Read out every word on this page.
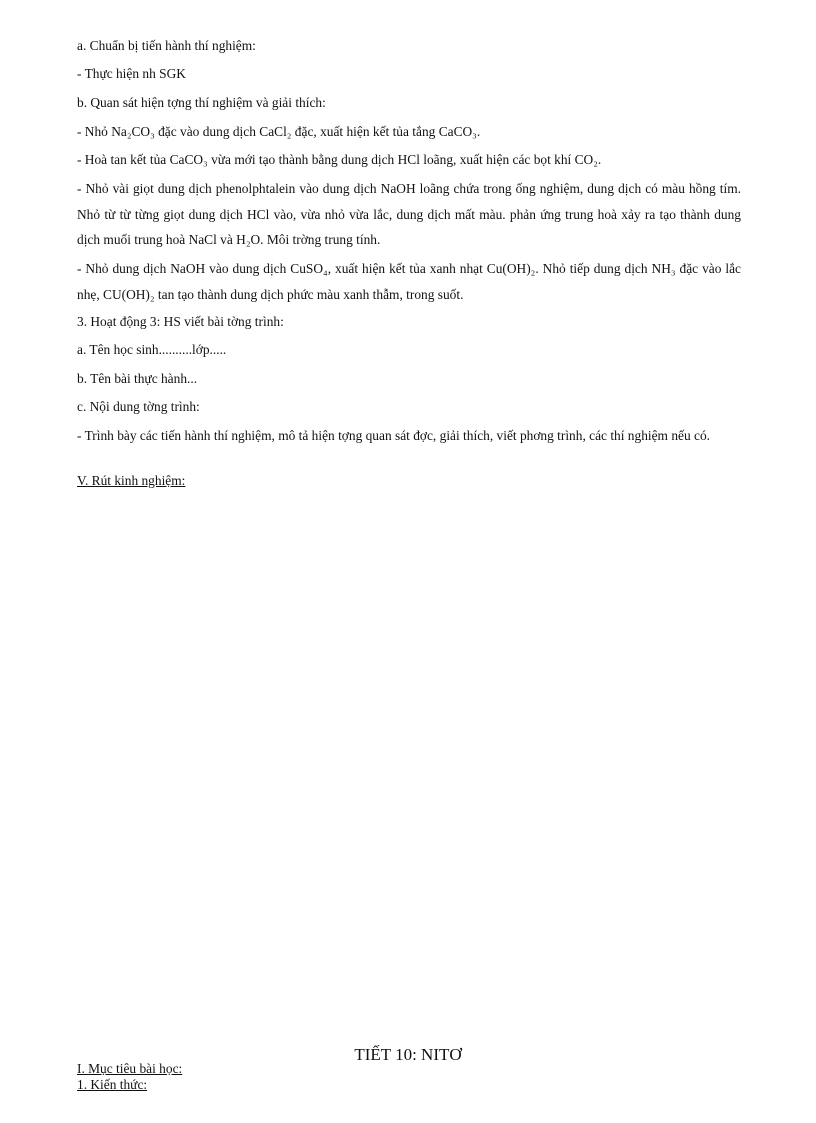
a. Chuẩn bị tiến hành thí nghiệm:
- Thực hiện nh SGK
b. Quan sát hiện tợng thí nghiệm và giải thích:
- Nhỏ Na₂CO₃ đặc vào dung dịch CaCl₂ đặc, xuất hiện kết tủa tắng CaCO₃.
- Hoà tan kết tủa CaCO₃ vừa mới tạo thành bằng dung dịch HCl loãng, xuất hiện các bọt khí CO₂.
- Nhỏ vài giọt dung dịch phenolphtalein vào dung dịch NaOH loãng chứa trong ống nghiệm, dung dịch có màu hồng tím. Nhỏ từ từ từng giọt dung dịch HCl vào, vừa nhỏ vừa lắc, dung dịch mất màu. phản ứng trung hoà xảy ra tạo thành dung dịch muối trung hoà NaCl và H₂O. Môi trờng trung tính.
- Nhỏ dung dịch NaOH vào dung dịch CuSO₄, xuất hiện kết tủa xanh nhạt Cu(OH)₂. Nhỏ tiếp dung dịch NH₃ đặc vào lắc nhẹ, CU(OH)₂ tan tạo thành dung dịch phức màu xanh thẫm, trong suốt.
3. Hoạt động 3: HS viết bài tờng trình:
a. Tên học sinh..........lớp.....
b. Tên bài thực hành...
c. Nội dung tờng trình:
- Trình bày các tiến hành thí nghiệm, mô tả hiện tợng quan sát đợc, giải thích, viết phơng trình, các thí nghiệm nếu có.
V. Rút kinh nghiệm:
TIẾT 10: NITƠ
I. Mục tiêu bài học:
1. Kiến thức:
